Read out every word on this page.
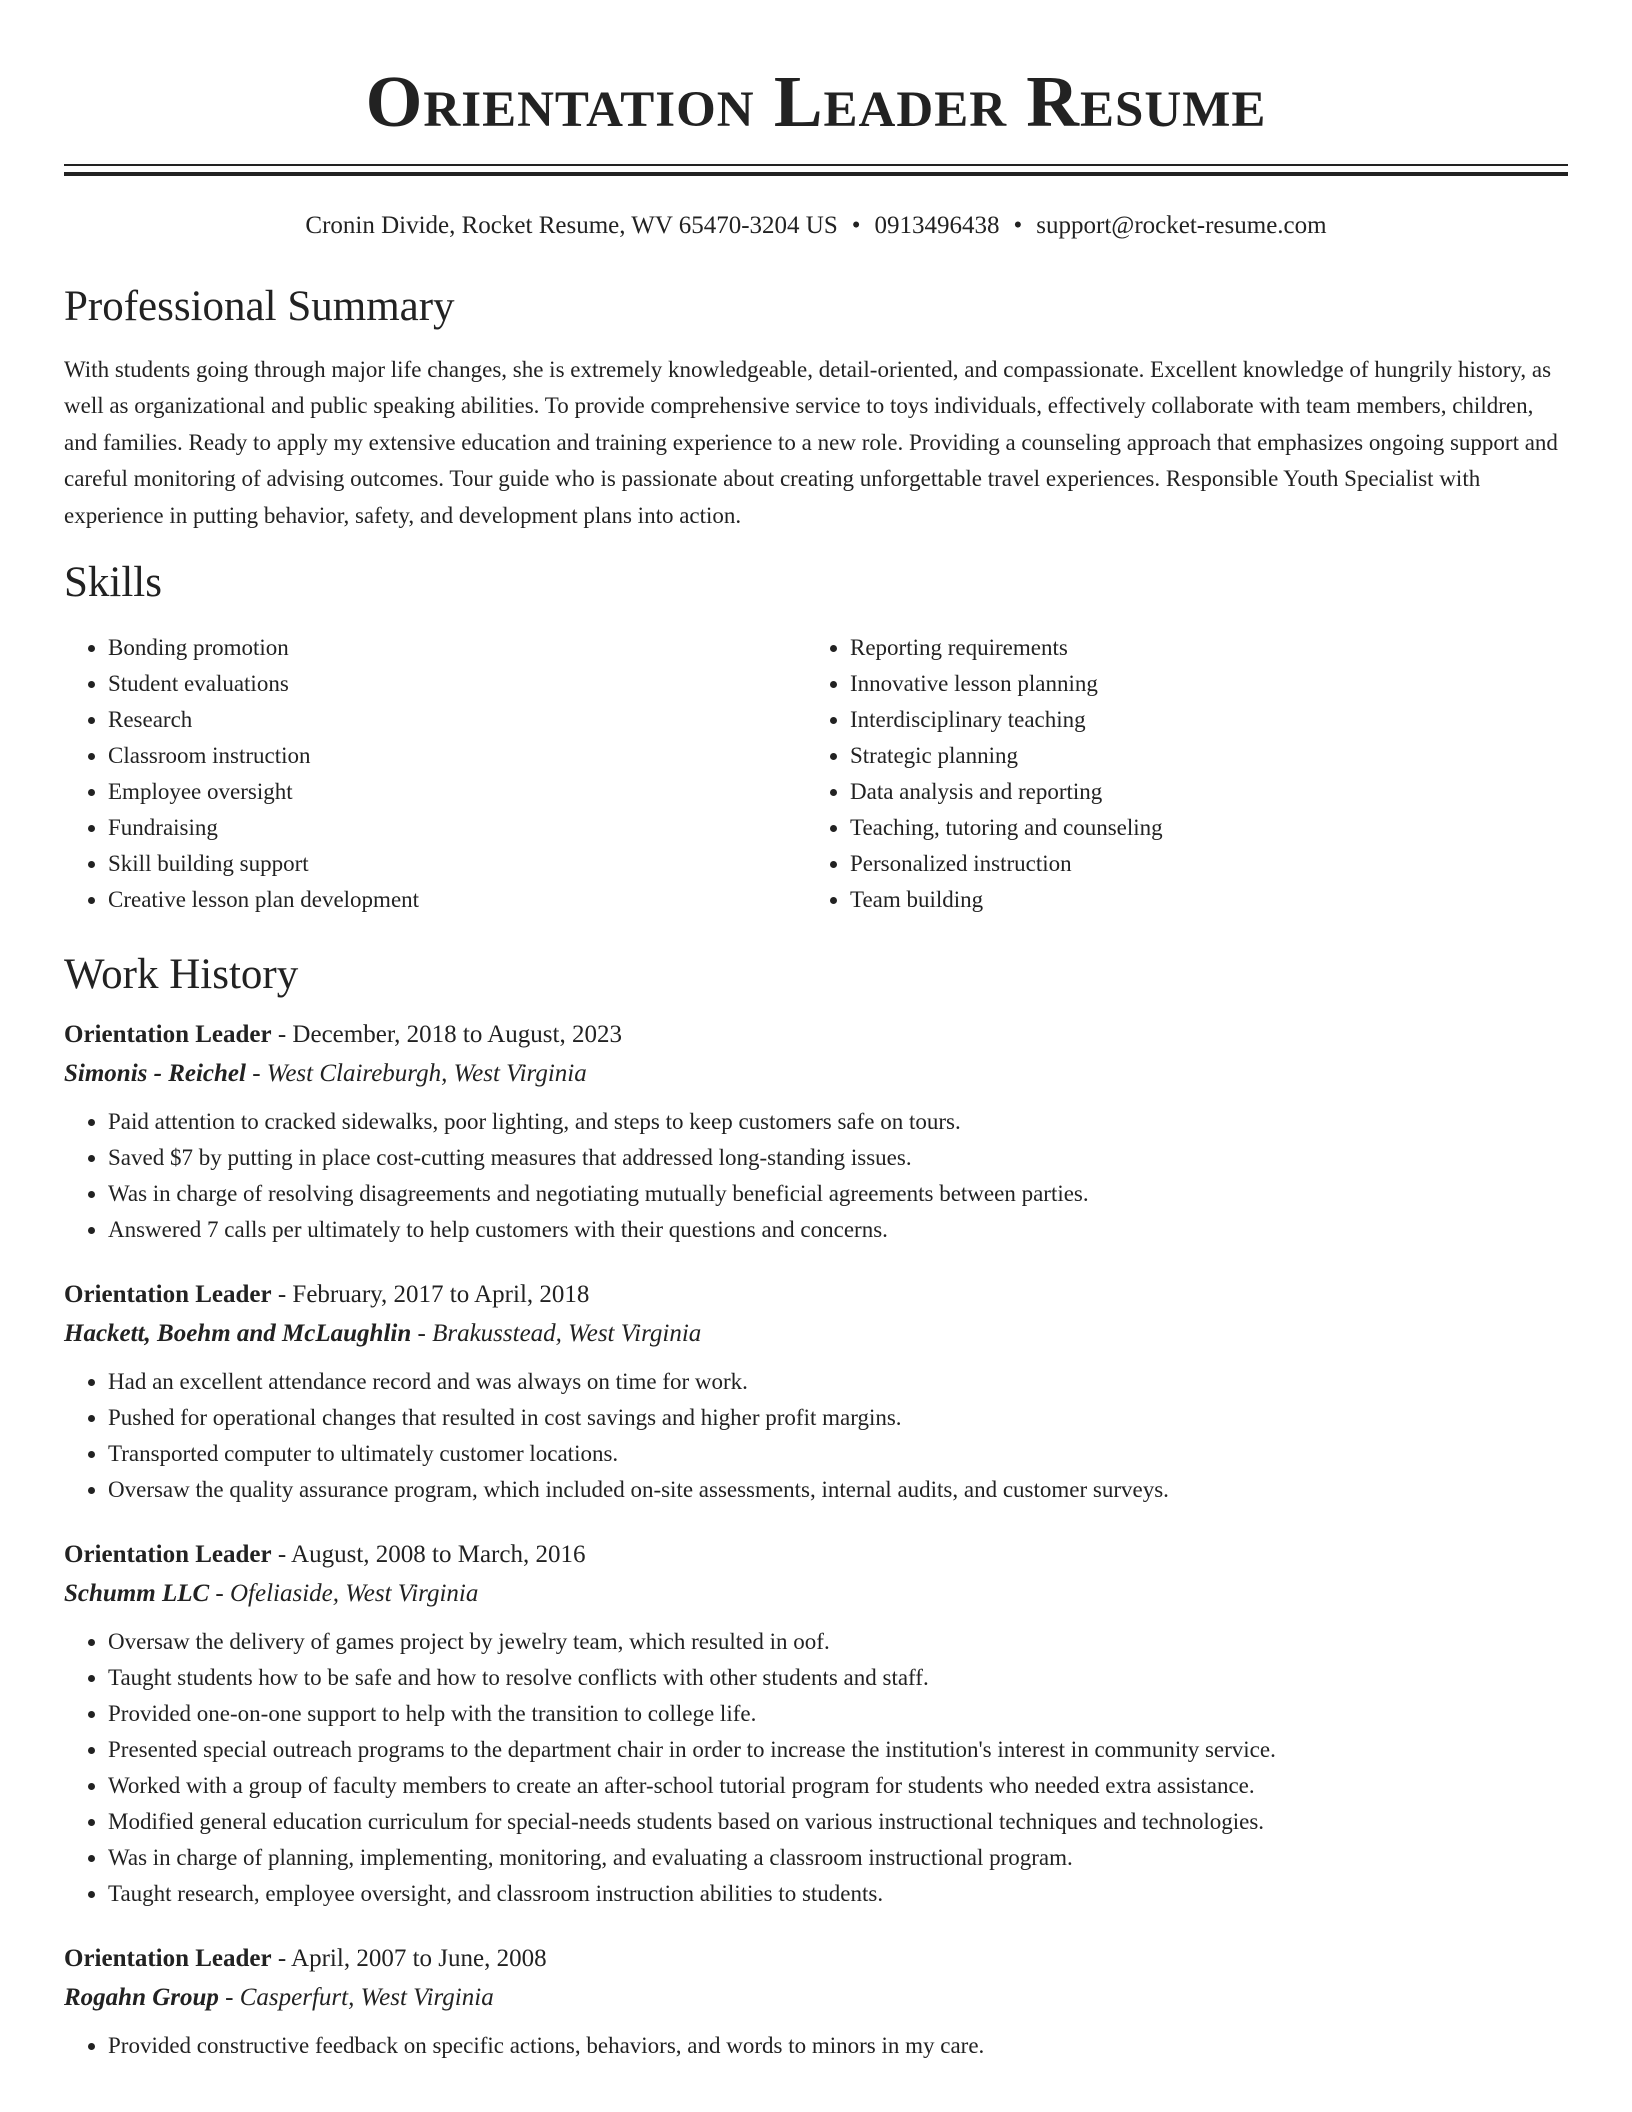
Orientation Leader Resume
Cronin Divide, Rocket Resume, WV 65470-3204 US • 0913496438 • support@rocket-resume.com
Professional Summary

With students going through major life changes, she is extremely knowledgeable, detail-oriented, and compassionate. Excellent knowledge of hungrily history, as well as organizational and public speaking abilities. To provide comprehensive service to toys individuals, effectively collaborate with team members, children, and families. Ready to apply my extensive education and training experience to a new role. Providing a counseling approach that emphasizes ongoing support and careful monitoring of advising outcomes. Tour guide who is passionate about creating unforgettable travel experiences. Responsible Youth Specialist with experience in putting behavior, safety, and development plans into action.

Skills
• Bonding promotion
• Student evaluations
• Research
• Classroom instruction
• Employee oversight
• Fundraising
• Skill building support
• Creative lesson plan development
• Reporting requirements
• Innovative lesson planning
• Interdisciplinary teaching
• Strategic planning
• Data analysis and reporting
• Teaching, tutoring and counseling
• Personalized instruction
• Team building
Work History
Orientation Leader - December, 2018 to August, 2023
Simonis - Reichel - West Claireburgh, West Virginia
• Paid attention to cracked sidewalks, poor lighting, and steps to keep customers safe on tours.
• Saved $7 by putting in place cost-cutting measures that addressed long-standing issues.
• Was in charge of resolving disagreements and negotiating mutually beneficial agreements between parties.
• Answered 7 calls per ultimately to help customers with their questions and concerns.
Orientation Leader - February, 2017 to April, 2018
Hackett, Boehm and McLaughlin - Brakusstead, West Virginia
• Had an excellent attendance record and was always on time for work.
• Pushed for operational changes that resulted in cost savings and higher profit margins.
• Transported computer to ultimately customer locations.
• Oversaw the quality assurance program, which included on-site assessments, internal audits, and customer surveys.
Orientation Leader - August, 2008 to March, 2016
Schumm LLC - Ofeliaside, West Virginia
• Oversaw the delivery of games project by jewelry team, which resulted in oof.
• Taught students how to be safe and how to resolve conflicts with other students and staff.
• Provided one-on-one support to help with the transition to college life.
• Presented special outreach programs to the department chair in order to increase the institution's interest in community service.
• Worked with a group of faculty members to create an after-school tutorial program for students who needed extra assistance.
• Modified general education curriculum for special-needs students based on various instructional techniques and technologies.
• Was in charge of planning, implementing, monitoring, and evaluating a classroom instructional program.
• Taught research, employee oversight, and classroom instruction abilities to students.
Orientation Leader - April, 2007 to June, 2008
Rogahn Group - Casperfurt, West Virginia
• Provided constructive feedback on specific actions, behaviors, and words to minors in my care.
